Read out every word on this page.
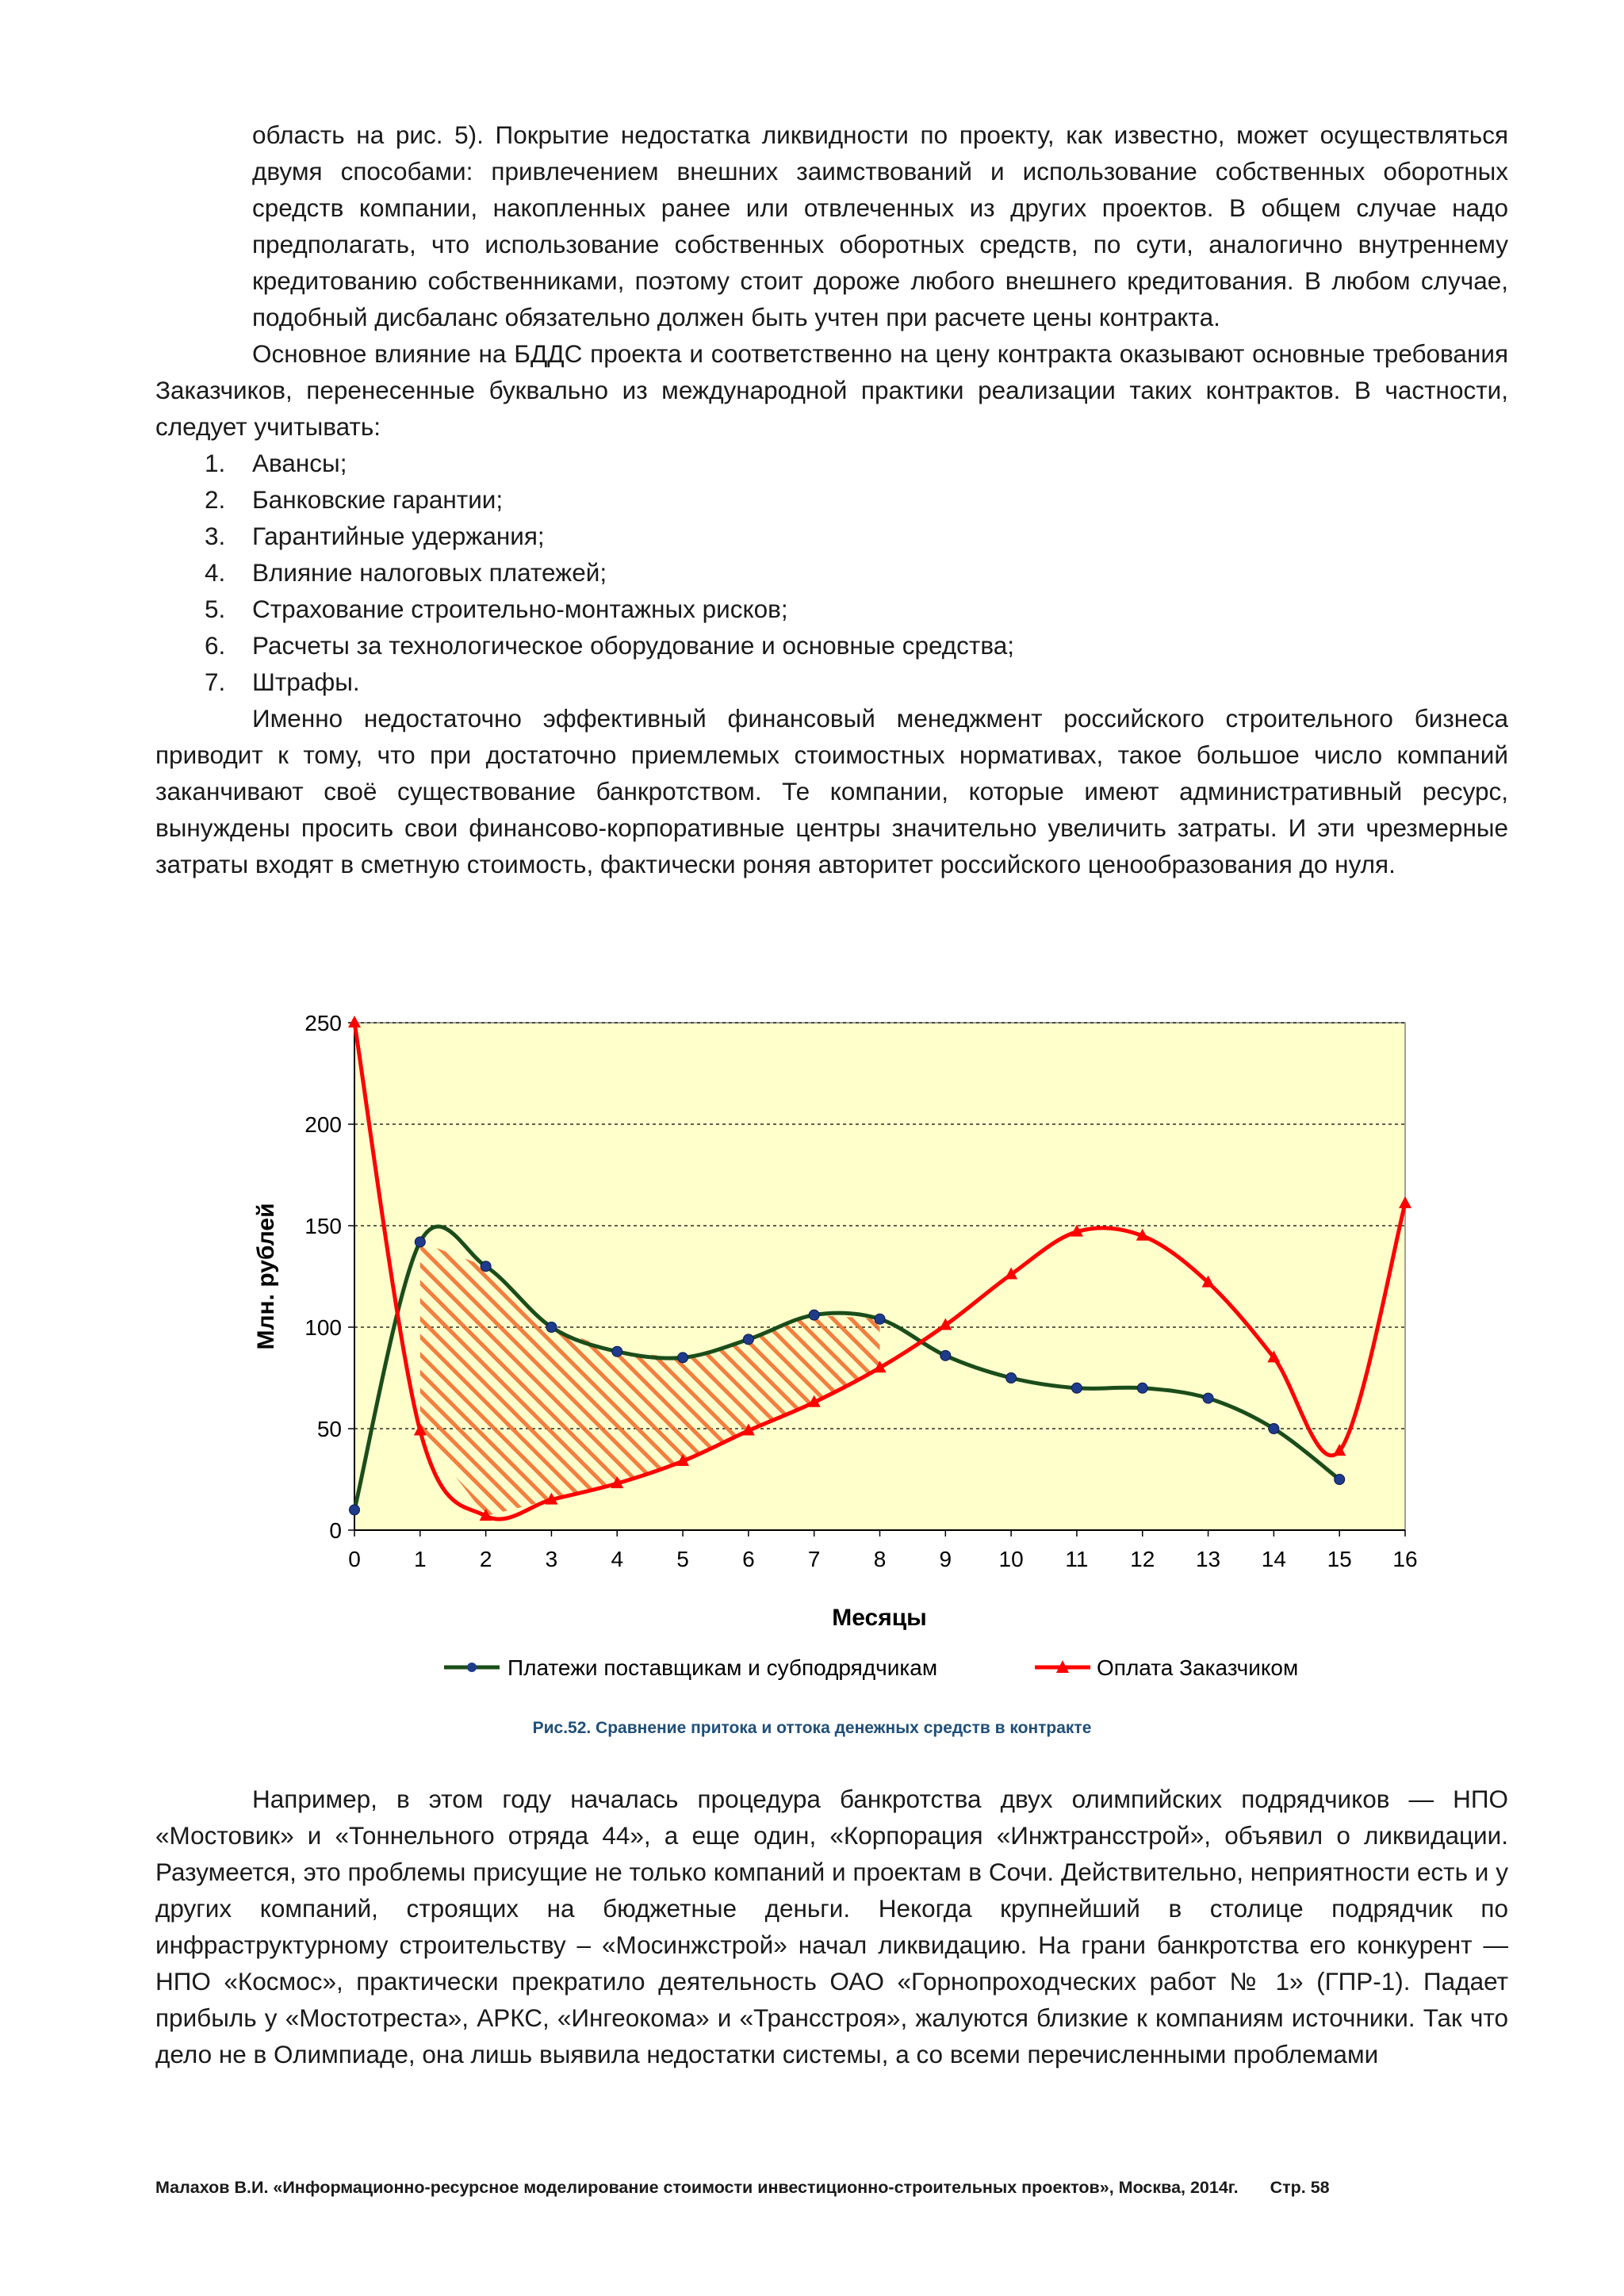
область на рис. 5). Покрытие недостатка ликвидности по проекту, как известно, может осуществляться двумя способами: привлечением внешних заимствований и использование собственных оборотных средств компании, накопленных ранее или отвлеченных из других проектов. В общем случае надо предполагать, что использование собственных оборотных средств, по сути, аналогично внутреннему кредитованию собственниками, поэтому стоит дороже любого внешнего кредитования. В любом случае, подобный дисбаланс обязательно должен быть учтен при расчете цены контракта.

Основное влияние на БДДС проекта и соответственно на цену контракта оказывают основные требования Заказчиков, перенесенные буквально из международной практики реализации таких контрактов. В частности, следует учитывать:

1. Авансы;
2. Банковские гарантии;
3. Гарантийные удержания;
4. Влияние налоговых платежей;
5. Страхование строительно-монтажных рисков;
6. Расчеты за технологическое оборудование и основные средства;
7. Штрафы.

Именно недостаточно эффективный финансовый менеджмент российского строительного бизнеса приводит к тому, что при достаточно приемлемых стоимостных нормативах, такое большое число компаний заканчивают своё существование банкротством. Те компании, которые имеют административный ресурс, вынуждены просить свои финансово-корпоративные центры значительно увеличить затраты. И эти чрезмерные затраты входят в сметную стоимость, фактически роняя авторитет российского ценообразования до нуля.

0
50
100
150
200
250
0 1 2 3 4 5 6 7 8 9 10 11 12 13 14 15 16
Млн. рублей
Месяцы
Платежи поставщикам и субподрядчикам	Оплата Заказчиком
Рис.52. Сравнение притока и оттока денежных средств в контракте

Например, в этом году началась процедура банкротства двух олимпийских подрядчиков — НПО «Мостовик» и «Тоннельного отряда 44», а еще один, «Корпорация «Инжтрансстрой», объявил о ликвидации. Разумеется, это проблемы присущие не только компаний и проектам в Сочи. Действительно, неприятности есть и у других компаний, строящих на бюджетные деньги. Некогда крупнейший в столице подрядчик по инфраструктурному строительству – «Мосинжстрой» начал ликвидацию. На грани банкротства его конкурент — НПО «Космос», практически прекратило деятельность ОАО «Горнопроходческих работ № 1» (ГПР-1). Падает прибыль у «Мостотреста», АРКС, «Ингеокома» и «Трансстроя», жалуются близкие к компаниям источники. Так что дело не в Олимпиаде, она лишь выявила недостатки системы, а со всеми перечисленными проблемами

Малахов В.И. «Информационно-ресурсное моделирование стоимости инвестиционно-строительных проектов», Москва, 2014г. Стр. 58
